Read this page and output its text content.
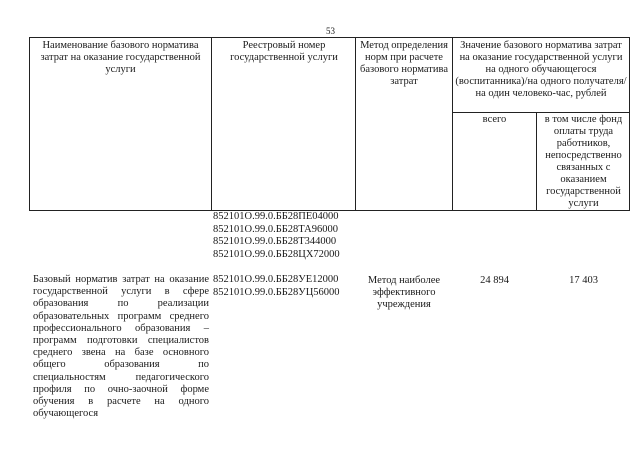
53
Наименование базового норматива затрат на оказание государственной услуги
Реестровый номер государственной услуги
Метод определения норм при расчете базового норматива затрат
Значение базового норматива затрат на оказание государственной услуги на одного обучающегося (воспитанника)/на одного получателя/на один человеко-час, рублей
всего	в том числе фонд оплаты труда работников, непосредственно связанных с оказанием государственной услуги
852101О.99.0.ББ28ПЕ04000
852101О.99.0.ББ28ТА96000
852101О.99.0.ББ28Т344000
852101О.99.0.ББ28ЦХ72000
Базовый норматив затрат на оказание государственной услуги в сфере образования по реализации образовательных программ среднего профессионального образования – программ подготовки специалистов среднего звена на базе основного общего образования по специальностям педагогического профиля по очно-заочной форме обучения в расчете на одного обучающегося
852101О.99.0.ББ28УЕ12000
852101О.99.0.ББ28УЦ56000
Метод наиболее эффективного учреждения
24 894	17 403
